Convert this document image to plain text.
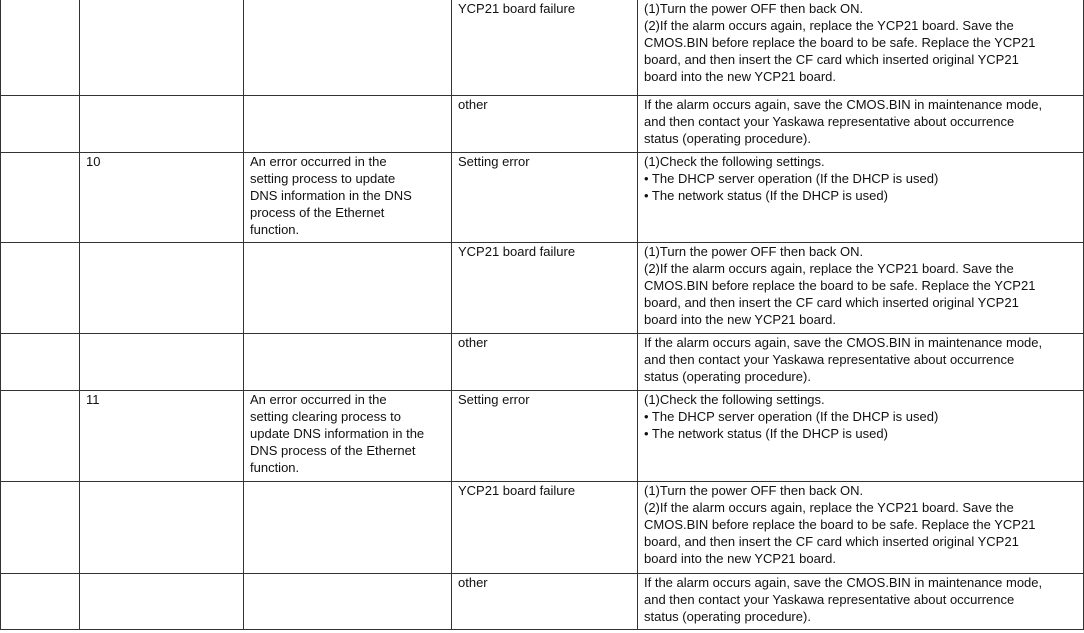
			YCP21 board failure	(1)Turn the power OFF then back ON.
(2)If the alarm occurs again, replace the YCP21 board. Save the
CMOS.BIN before replace the board to be safe. Replace the YCP21
board, and then insert the CF card which inserted original YCP21
board into the new YCP21 board.

			other	If the alarm occurs again, save the CMOS.BIN in maintenance mode,
and then contact your Yaskawa representative about occurrence
status (operating procedure).

	10	An error occurred in the
setting process to update
DNS information in the DNS
process of the Ethernet
function.	Setting error	(1)Check the following settings.
• The DHCP server operation (If the DHCP is used)
• The network status (If the DHCP is used)

			YCP21 board failure	(1)Turn the power OFF then back ON.
(2)If the alarm occurs again, replace the YCP21 board. Save the
CMOS.BIN before replace the board to be safe. Replace the YCP21
board, and then insert the CF card which inserted original YCP21
board into the new YCP21 board.

			other	If the alarm occurs again, save the CMOS.BIN in maintenance mode,
and then contact your Yaskawa representative about occurrence
status (operating procedure).

	11	An error occurred in the
setting clearing process to
update DNS information in the
DNS process of the Ethernet
function.	Setting error	(1)Check the following settings.
• The DHCP server operation (If the DHCP is used)
• The network status (If the DHCP is used)

			YCP21 board failure	(1)Turn the power OFF then back ON.
(2)If the alarm occurs again, replace the YCP21 board. Save the
CMOS.BIN before replace the board to be safe. Replace the YCP21
board, and then insert the CF card which inserted original YCP21
board into the new YCP21 board.

			other	If the alarm occurs again, save the CMOS.BIN in maintenance mode,
and then contact your Yaskawa representative about occurrence
status (operating procedure).
